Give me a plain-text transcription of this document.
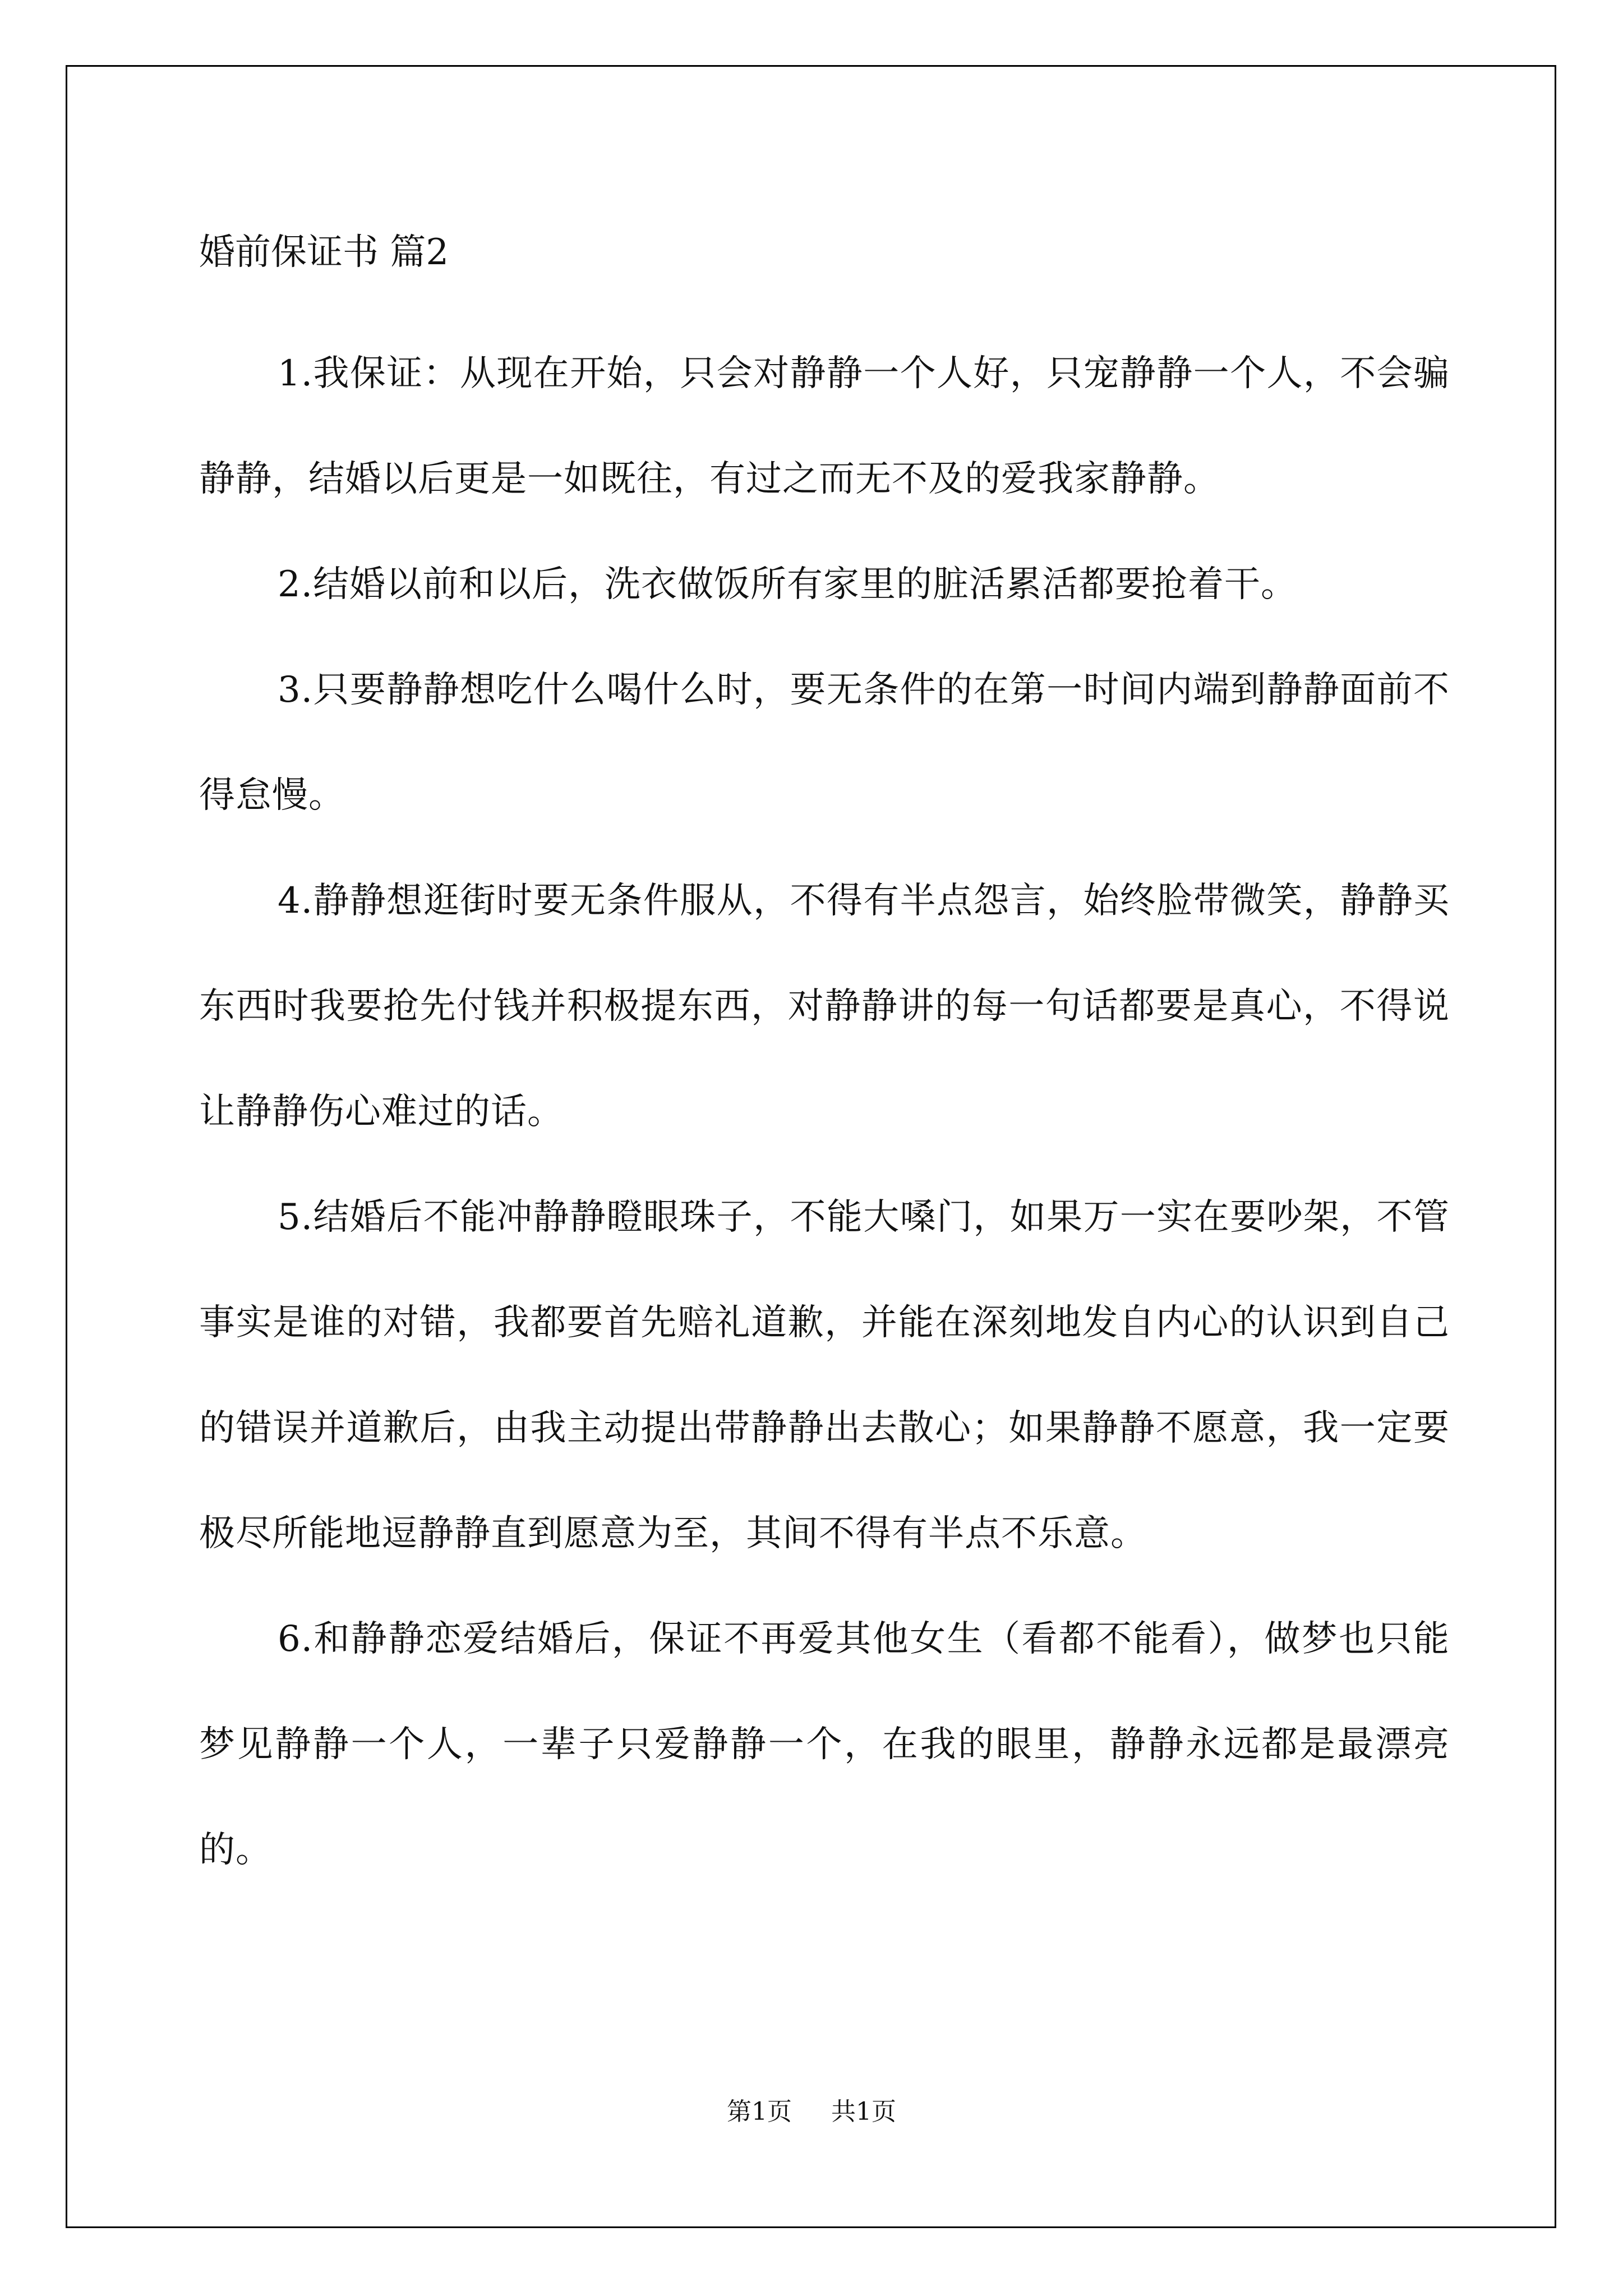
婚前保证书 篇2

1.我保证：从现在开始，只会对静静一个人好，只宠静静一个人，不会骗静静，结婚以后更是一如既往，有过之而无不及的爱我家静静。

2.结婚以前和以后，洗衣做饭所有家里的脏活累活都要抢着干。

3.只要静静想吃什么喝什么时，要无条件的在第一时间内端到静静面前不得怠慢。

4.静静想逛街时要无条件服从，不得有半点怨言，始终脸带微笑，静静买东西时我要抢先付钱并积极提东西，对静静讲的每一句话都要是真心，不得说让静静伤心难过的话。

5.结婚后不能冲静静瞪眼珠子，不能大嗓门，如果万一实在要吵架，不管事实是谁的对错，我都要首先赔礼道歉，并能在深刻地发自内心的认识到自己的错误并道歉后，由我主动提出带静静出去散心；如果静静不愿意，我一定要极尽所能地逗静静直到愿意为至，其间不得有半点不乐意。

6.和静静恋爱结婚后，保证不再爱其他女生（看都不能看），做梦也只能梦见静静一个人，一辈子只爱静静一个，在我的眼里，静静永远都是最漂亮的。

第1页 共1页
